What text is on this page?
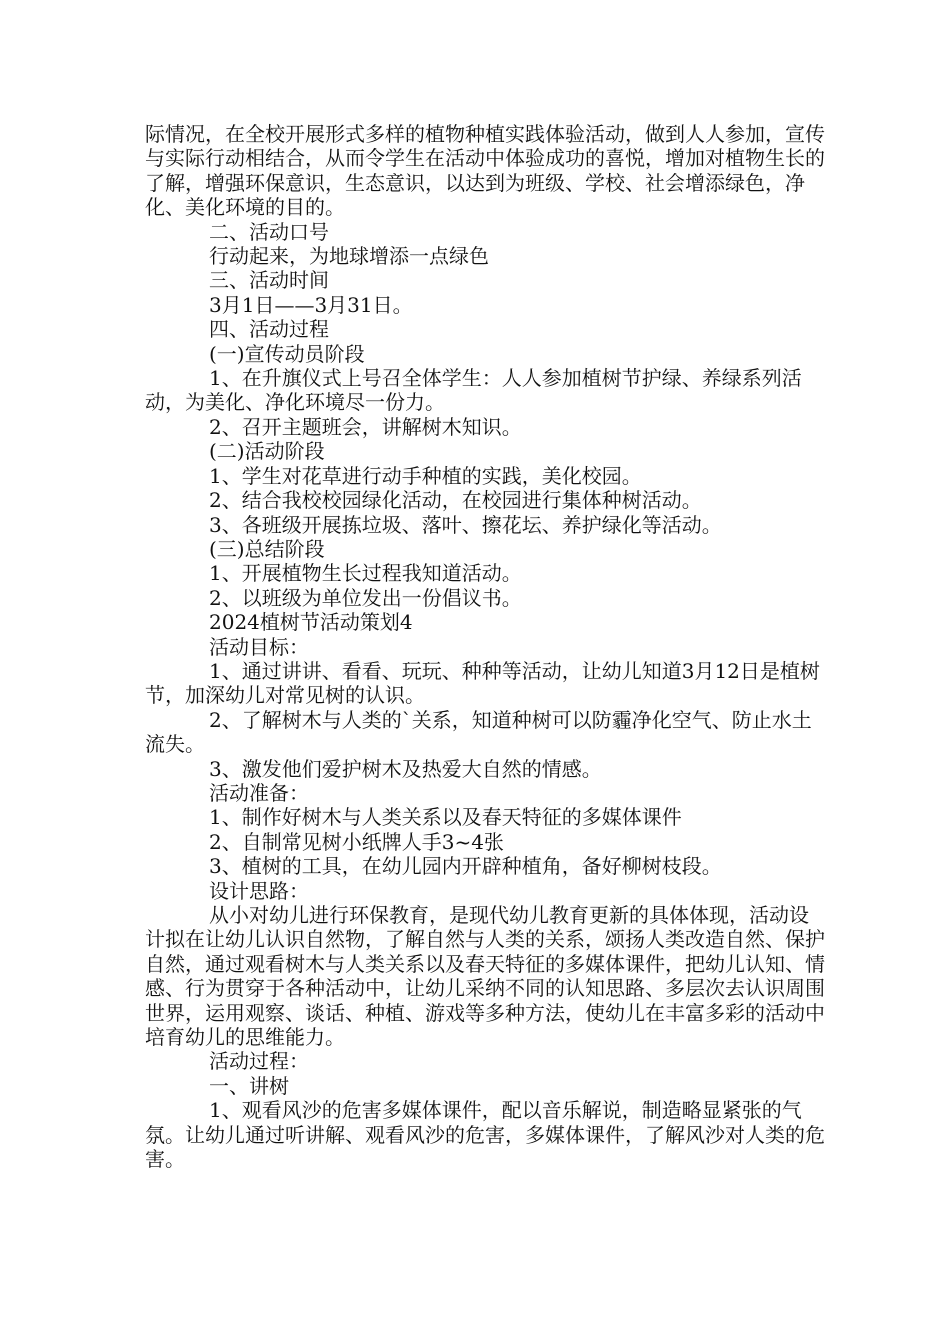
际情况，在全校开展形式多样的植物种植实践体验活动，做到人人参加，宣传与实际行动相结合，从而令学生在活动中体验成功的喜悦，增加对植物生长的了解，增强环保意识，生态意识，以达到为班级、学校、社会增添绿色，净化、美化环境的目的。

二、活动口号

行动起来，为地球增添一点绿色

三、活动时间

3月1日——3月31日。

四、活动过程

(一)宣传动员阶段

1、在升旗仪式上号召全体学生：人人参加植树节护绿、养绿系列活动，为美化、净化环境尽一份力。

2、召开主题班会，讲解树木知识。

(二)活动阶段

1、学生对花草进行动手种植的实践，美化校园。

2、结合我校校园绿化活动，在校园进行集体种树活动。

3、各班级开展拣垃圾、落叶、擦花坛、养护绿化等活动。

(三)总结阶段

1、开展植物生长过程我知道活动。

2、以班级为单位发出一份倡议书。

2024植树节活动策划4

活动目标：

1、通过讲讲、看看、玩玩、种种等活动，让幼儿知道3月12日是植树节，加深幼儿对常见树的认识。

2、了解树木与人类的`关系，知道种树可以防霾净化空气、防止水土流失。

3、激发他们爱护树木及热爱大自然的情感。

活动准备：

1、制作好树木与人类关系以及春天特征的多媒体课件

2、自制常见树小纸牌人手3~4张

3、植树的工具，在幼儿园内开辟种植角，备好柳树枝段。

设计思路：

从小对幼儿进行环保教育，是现代幼儿教育更新的具体体现，活动设计拟在让幼儿认识自然物，了解自然与人类的关系，颂扬人类改造自然、保护自然，通过观看树木与人类关系以及春天特征的多媒体课件，把幼儿认知、情感、行为贯穿于各种活动中，让幼儿采纳不同的认知思路、多层次去认识周围世界，运用观察、谈话、种植、游戏等多种方法，使幼儿在丰富多彩的活动中培育幼儿的思维能力。

活动过程：

一、讲树

1、观看风沙的危害多媒体课件，配以音乐解说，制造略显紧张的气氛。让幼儿通过听讲解、观看风沙的危害，多媒体课件，了解风沙对人类的危害。
